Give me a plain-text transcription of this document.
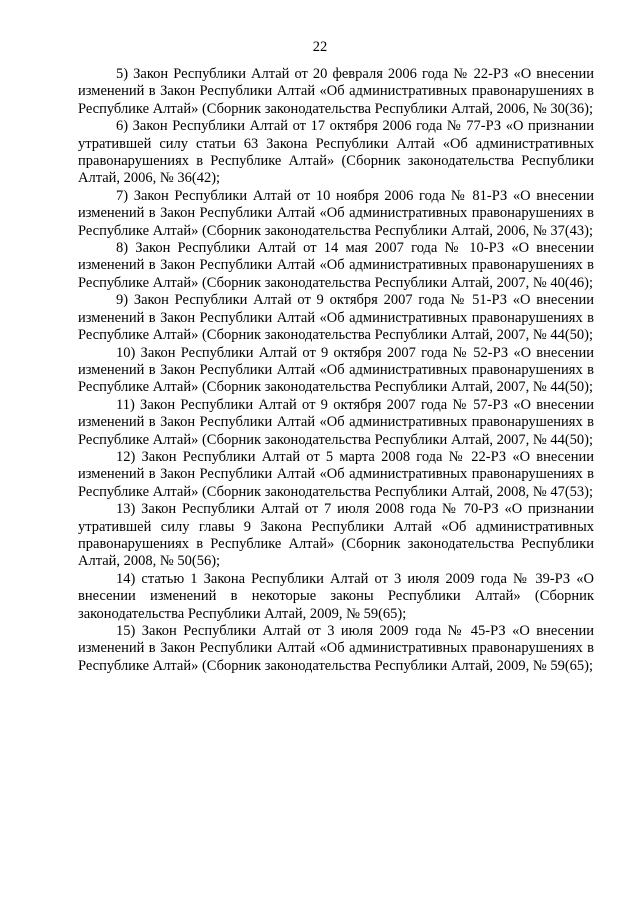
22

5) Закон Республики Алтай от 20 февраля 2006 года № 22-РЗ «О внесении изменений в Закон Республики Алтай «Об административных правонарушениях в Республике Алтай» (Сборник законодательства Республики Алтай, 2006, № 30(36);

6) Закон Республики Алтай от 17 октября 2006 года № 77-РЗ «О признании утратившей силу статьи 63 Закона Республики Алтай «Об административных правонарушениях в Республике Алтай» (Сборник законодательства Республики Алтай, 2006, № 36(42);

7) Закон Республики Алтай от 10 ноября 2006 года № 81-РЗ «О внесении изменений в Закон Республики Алтай «Об административных правонарушениях в Республике Алтай» (Сборник законодательства Республики Алтай, 2006, № 37(43);

8) Закон Республики Алтай от 14 мая 2007 года № 10-РЗ «О внесении изменений в Закон Республики Алтай «Об административных правонарушениях в Республике Алтай» (Сборник законодательства Республики Алтай, 2007, № 40(46);

9) Закон Республики Алтай от 9 октября 2007 года № 51-РЗ «О внесении изменений в Закон Республики Алтай «Об административных правонарушениях в Республике Алтай» (Сборник законодательства Республики Алтай, 2007, № 44(50);

10) Закон Республики Алтай от 9 октября 2007 года № 52-РЗ «О внесении изменений в Закон Республики Алтай «Об административных правонарушениях в Республике Алтай» (Сборник законодательства Республики Алтай, 2007, № 44(50);

11) Закон Республики Алтай от 9 октября 2007 года № 57-РЗ «О внесении изменений в Закон Республики Алтай «Об административных правонарушениях в Республике Алтай» (Сборник законодательства Республики Алтай, 2007, № 44(50);

12) Закон Республики Алтай от 5 марта 2008 года № 22-РЗ «О внесении изменений в Закон Республики Алтай «Об административных правонарушениях в Республике Алтай» (Сборник законодательства Республики Алтай, 2008, № 47(53);

13) Закон Республики Алтай от 7 июля 2008 года № 70-РЗ «О признании утратившей силу главы 9 Закона Республики Алтай «Об административных правонарушениях в Республике Алтай» (Сборник законодательства Республики Алтай, 2008, № 50(56);

14) статью 1 Закона Республики Алтай от 3 июля 2009 года № 39-РЗ «О внесении изменений в некоторые законы Республики Алтай» (Сборник законодательства Республики Алтай, 2009, № 59(65);

15) Закон Республики Алтай от 3 июля 2009 года № 45-РЗ «О внесении изменений в Закон Республики Алтай «Об административных правонарушениях в Республике Алтай» (Сборник законодательства Республики Алтай, 2009, № 59(65);
